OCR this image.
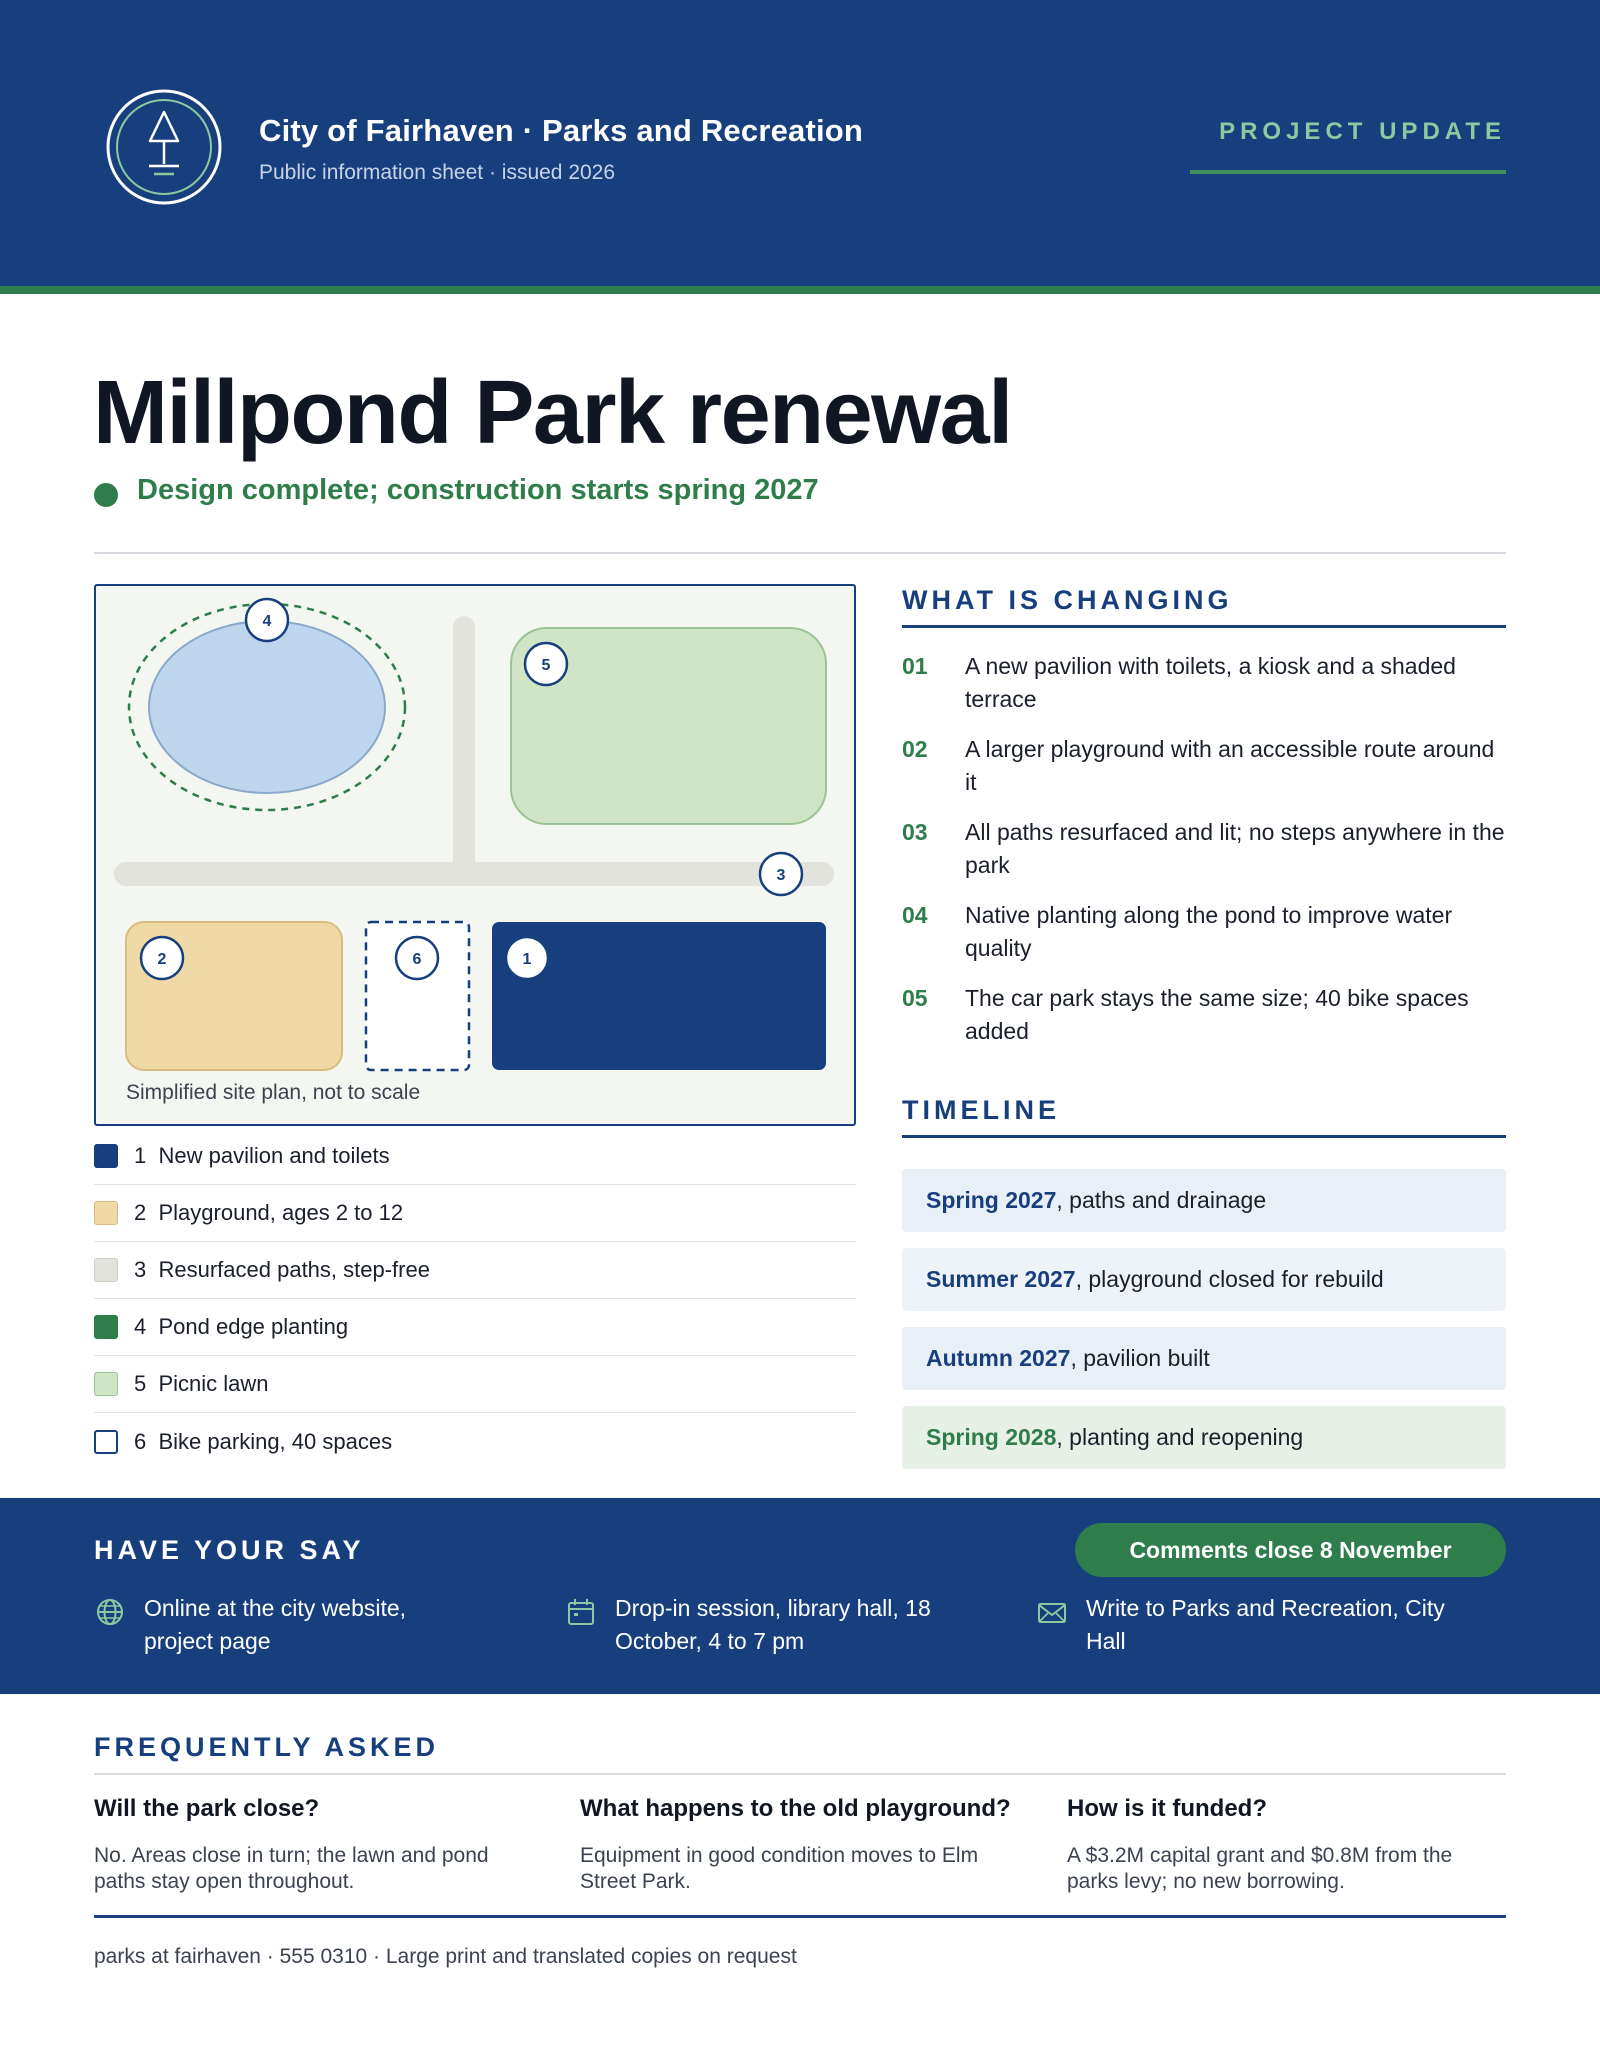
City of Fairhaven · Parks and Recreation
Public information sheet · issued 2026
PROJECT UPDATE
Millpond Park renewal
Design complete; construction starts spring 2027
4
5
3
2	6	1
Simplified site plan, not to scale
1 New pavilion and toilets
2 Playground, ages 2 to 12
3 Resurfaced paths, step-free
4 Pond edge planting
5 Picnic lawn
6 Bike parking, 40 spaces
WHAT IS CHANGING
01	A new pavilion with toilets, a kiosk and a shaded terrace
02	A larger playground with an accessible route around it
03	All paths resurfaced and lit; no steps anywhere in the park
04	Native planting along the pond to improve water quality
05	The car park stays the same size; 40 bike spaces added
TIMELINE
Spring 2027 , paths and drainage
Summer 2027 , playground closed for rebuild
Autumn 2027 , pavilion built
Spring 2028 , planting and reopening
HAVE YOUR SAY	Comments close 8 November
Online at the city website, project page
Drop-in session, library hall, 18 October, 4 to 7 pm
Write to Parks and Recreation, City Hall
FREQUENTLY ASKED
Will the park close?
No. Areas close in turn; the lawn and pond paths stay open throughout.
What happens to the old playground?
Equipment in good condition moves to Elm Street Park.
How is it funded?
A $3.2M capital grant and $0.8M from the parks levy; no new borrowing.
parks at fairhaven · 555 0310 · Large print and translated copies on request
